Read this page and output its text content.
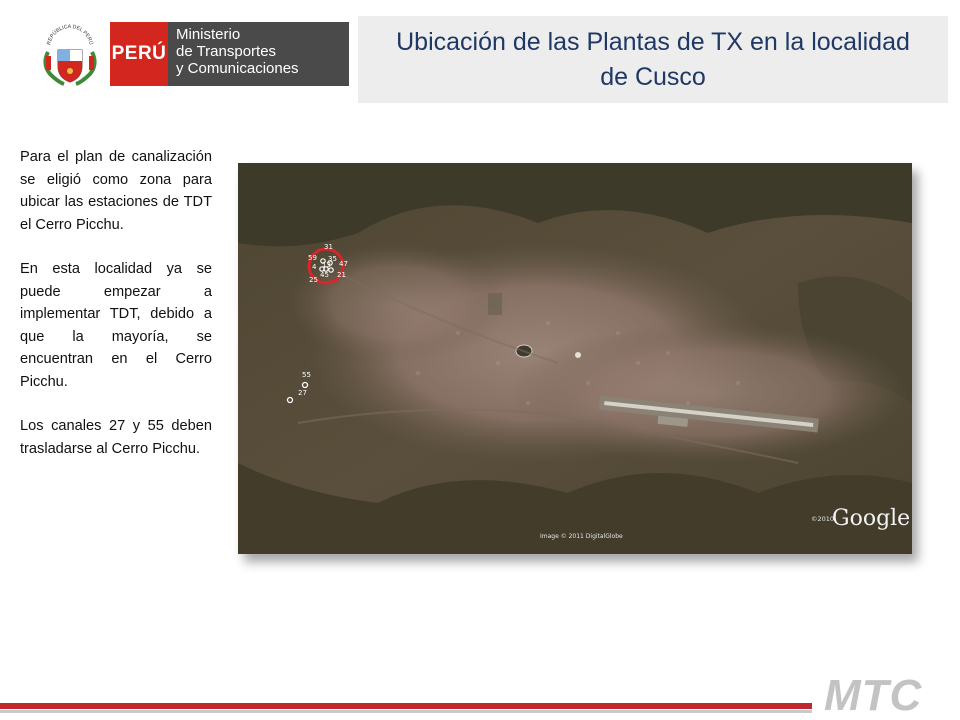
REPÚBLICA DEL PERÚ PERÚ
Ministerio
de Transportes
y Comunicaciones
Ubicación de las Plantas de TX en la localidad de Cusco

Para el plan de canalización se eligió como zona para ubicar las estaciones de TDT el Cerro Picchu.

En esta localidad ya se puede empezar a implementar TDT, debido a que la mayoría, se encuentran en el Cerro Picchu.

Los canales 27 y 55 deben trasladarse al Cerro Picchu.

31
59 35
47
4 13
21
25
45
55
27
Image © 2011 DigitalGlobe
©2010
Google
MTC
